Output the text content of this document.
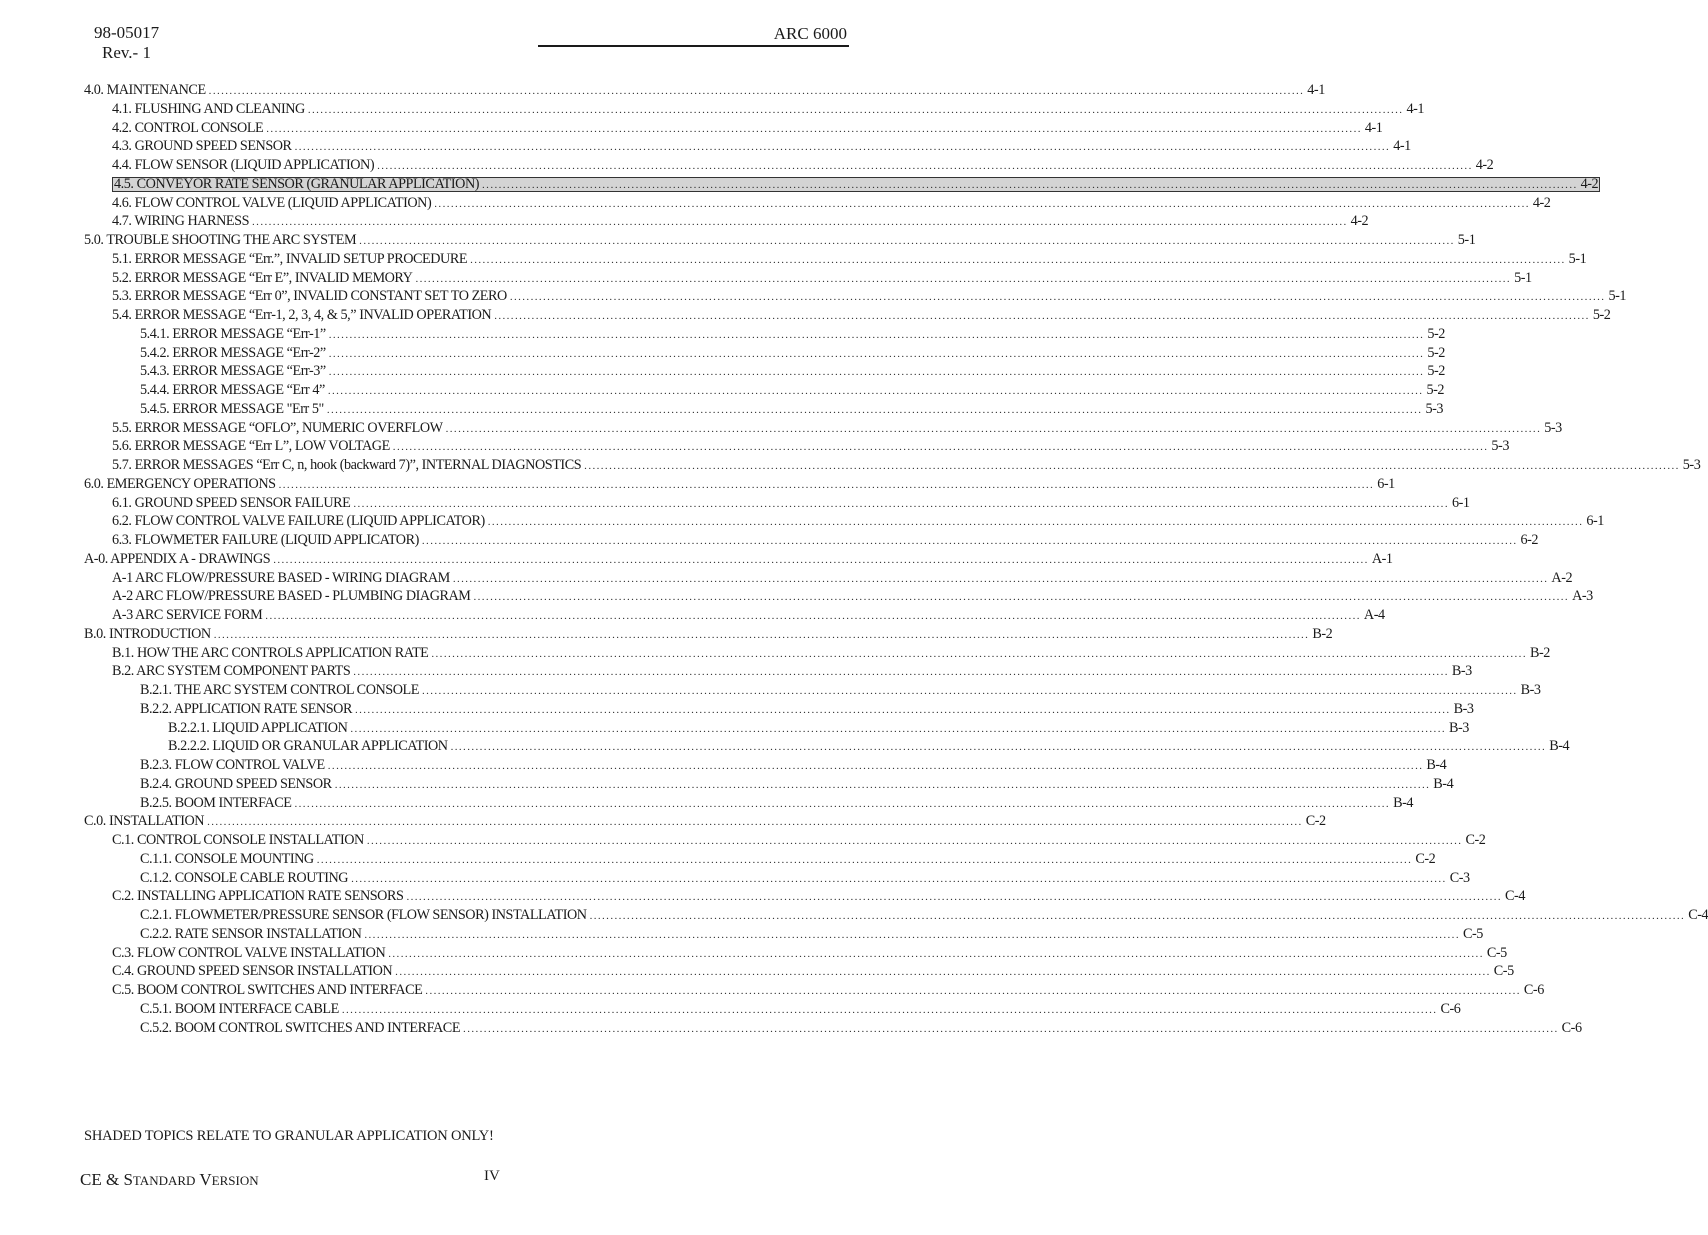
98-05017
Rev.- 1
ARC 6000
4.0. MAINTENANCE .....	4-1
4.1. FLUSHING AND CLEANING .....	4-1
4.2. CONTROL CONSOLE .....	4-1
4.3. GROUND SPEED SENSOR .....	4-1
4.4. FLOW SENSOR (LIQUID APPLICATION) .....	4-2
4.5. CONVEYOR RATE SENSOR (GRANULAR APPLICATION) .....	4-2
4.6. FLOW CONTROL VALVE (LIQUID APPLICATION) .....	4-2
4.7. WIRING HARNESS .....	4-2
5.0. TROUBLE SHOOTING THE ARC SYSTEM .....	5-1
5.1. ERROR MESSAGE “Err.”, INVALID SETUP PROCEDURE .....	5-1
5.2. ERROR MESSAGE “Err E”, INVALID MEMORY .....	5-1
5.3. ERROR MESSAGE “Err 0”, INVALID CONSTANT SET TO ZERO .....	5-1
5.4. ERROR MESSAGE “Err-1, 2, 3, 4, & 5,” INVALID OPERATION .....	5-2
5.4.1. ERROR MESSAGE “Err-1” .....	5-2
5.4.2. ERROR MESSAGE “Err-2” .....	5-2
5.4.3. ERROR MESSAGE “Err-3” .....	5-2
5.4.4. ERROR MESSAGE “Err 4” .....	5-2
5.4.5. ERROR MESSAGE "Err 5" .....	5-3
5.5. ERROR MESSAGE “OFLO”, NUMERIC OVERFLOW .....	5-3
5.6. ERROR MESSAGE “Err L”, LOW VOLTAGE .....	5-3
5.7. ERROR MESSAGES “Err C, n, hook (backward 7)”, INTERNAL DIAGNOSTICS .....	5-3
6.0. EMERGENCY OPERATIONS .....	6-1
6.1. GROUND SPEED SENSOR FAILURE .....	6-1
6.2. FLOW CONTROL VALVE FAILURE (LIQUID APPLICATOR) .....	6-1
6.3. FLOWMETER FAILURE (LIQUID APPLICATOR) .....	6-2
A-0. APPENDIX A - DRAWINGS .....	A-1
A-1 ARC FLOW/PRESSURE BASED - WIRING DIAGRAM .....	A-2
A-2 ARC FLOW/PRESSURE BASED - PLUMBING DIAGRAM .....	A-3
A-3 ARC SERVICE FORM .....	A-4
B.0. INTRODUCTION .....	B-2
B.1. HOW THE ARC CONTROLS APPLICATION RATE .....	B-2
B.2. ARC SYSTEM COMPONENT PARTS .....	B-3
B.2.1. THE ARC SYSTEM CONTROL CONSOLE .....	B-3
B.2.2. APPLICATION RATE SENSOR .....	B-3
B.2.2.1. LIQUID APPLICATION .....	B-3
B.2.2.2. LIQUID OR GRANULAR APPLICATION .....	B-4
B.2.3. FLOW CONTROL VALVE .....	B-4
B.2.4. GROUND SPEED SENSOR .....	B-4
B.2.5. BOOM INTERFACE .....	B-4
C.0. INSTALLATION .....	C-2
C.1. CONTROL CONSOLE INSTALLATION .....	C-2
C.1.1. CONSOLE MOUNTING .....	C-2
C.1.2. CONSOLE CABLE ROUTING .....	C-3
C.2. INSTALLING APPLICATION RATE SENSORS .....	C-4
C.2.1. FLOWMETER/PRESSURE SENSOR (FLOW SENSOR) INSTALLATION .....	C-4
C.2.2. RATE SENSOR INSTALLATION .....	C-5
C.3. FLOW CONTROL VALVE INSTALLATION .....	C-5
C.4. GROUND SPEED SENSOR INSTALLATION .....	C-5
C.5. BOOM CONTROL SWITCHES AND INTERFACE .....	C-6
C.5.1. BOOM INTERFACE CABLE .....	C-6
C.5.2. BOOM CONTROL SWITCHES AND INTERFACE .....	C-6
SHADED TOPICS RELATE TO GRANULAR APPLICATION ONLY!
CE & STANDARD VERSION	IV
